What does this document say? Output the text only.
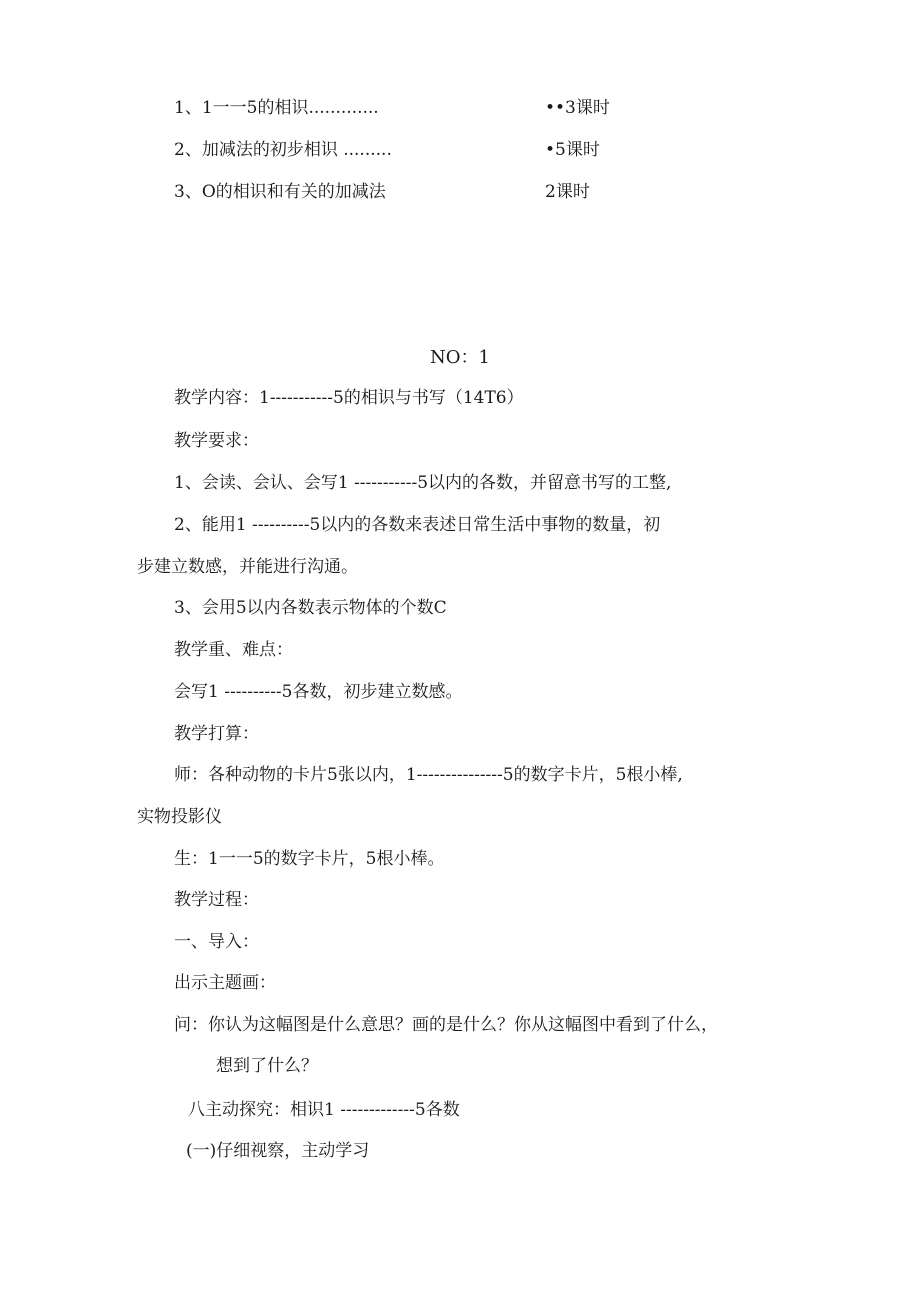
1、1一一5的相识.............	••3课时
2、加减法的初步相识 .........	•5课时
3、O的相识和有关的加减法	2课时
NO：1
教学内容：1-----------5的相识与书写（14T6）
教学要求：
1、会读、会认、会写1 -----------5以内的各数，并留意书写的工整,
2、能用1 ----------5以内的各数来表述日常生活中事物的数量，初
步建立数感，并能进行沟通。
3、会用5以内各数表示物体的个数C
教学重、难点：
会写1 ----------5各数，初步建立数感。
教学打算：
师：各种动物的卡片5张以内，1---------------5的数字卡片，5根小棒,
实物投影仪
生：1一一5的数字卡片，5根小棒。
教学过程：
一、导入：
出示主题画：
问：你认为这幅图是什么意思？画的是什么？你从这幅图中看到了什么，
想到了什么？
八主动探究：相识1 -------------5各数
(一)仔细视察，主动学习
